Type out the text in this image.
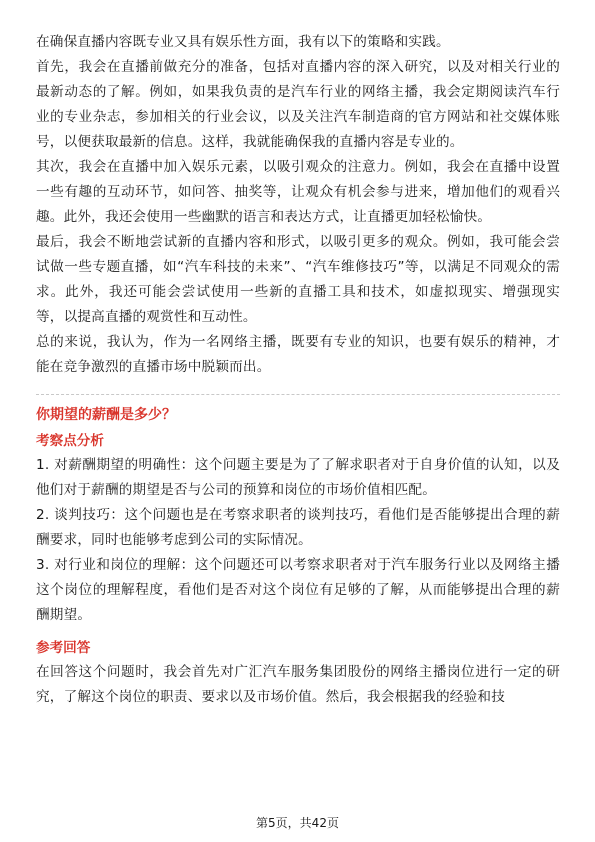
在确保直播内容既专业又具有娱乐性方面，我有以下的策略和实践。

首先，我会在直播前做充分的准备，包括对直播内容的深入研究，以及对相关行业的最新动态的了解。例如，如果我负责的是汽车行业的网络主播，我会定期阅读汽车行业的专业杂志，参加相关的行业会议，以及关注汽车制造商的官方网站和社交媒体账号，以便获取最新的信息。这样，我就能确保我的直播内容是专业的。

其次，我会在直播中加入娱乐元素，以吸引观众的注意力。例如，我会在直播中设置一些有趣的互动环节，如问答、抽奖等，让观众有机会参与进来，增加他们的观看兴趣。此外，我还会使用一些幽默的语言和表达方式，让直播更加轻松愉快。

最后，我会不断地尝试新的直播内容和形式，以吸引更多的观众。例如，我可能会尝试做一些专题直播，如“汽车科技的未来”、“汽车维修技巧”等，以满足不同观众的需求。此外，我还可能会尝试使用一些新的直播工具和技术，如虚拟现实、增强现实等，以提高直播的观赏性和互动性。

总的来说，我认为，作为一名网络主播，既要有专业的知识，也要有娱乐的精神，才能在竞争激烈的直播市场中脱颖而出。

你期望的薪酬是多少？

考察点分析

1. 对薪酬期望的明确性：这个问题主要是为了了解求职者对于自身价值的认知，以及他们对于薪酬的期望是否与公司的预算和岗位的市场价值相匹配。

2. 谈判技巧：这个问题也是在考察求职者的谈判技巧，看他们是否能够提出合理的薪酬要求，同时也能够考虑到公司的实际情况。

3. 对行业和岗位的理解：这个问题还可以考察求职者对于汽车服务行业以及网络主播这个岗位的理解程度，看他们是否对这个岗位有足够的了解，从而能够提出合理的薪酬期望。

参考回答

在回答这个问题时，我会首先对广汇汽车服务集团股份的网络主播岗位进行一定的研究，了解这个岗位的职责、要求以及市场价值。然后，我会根据我的经验和技

第5页，共42页
